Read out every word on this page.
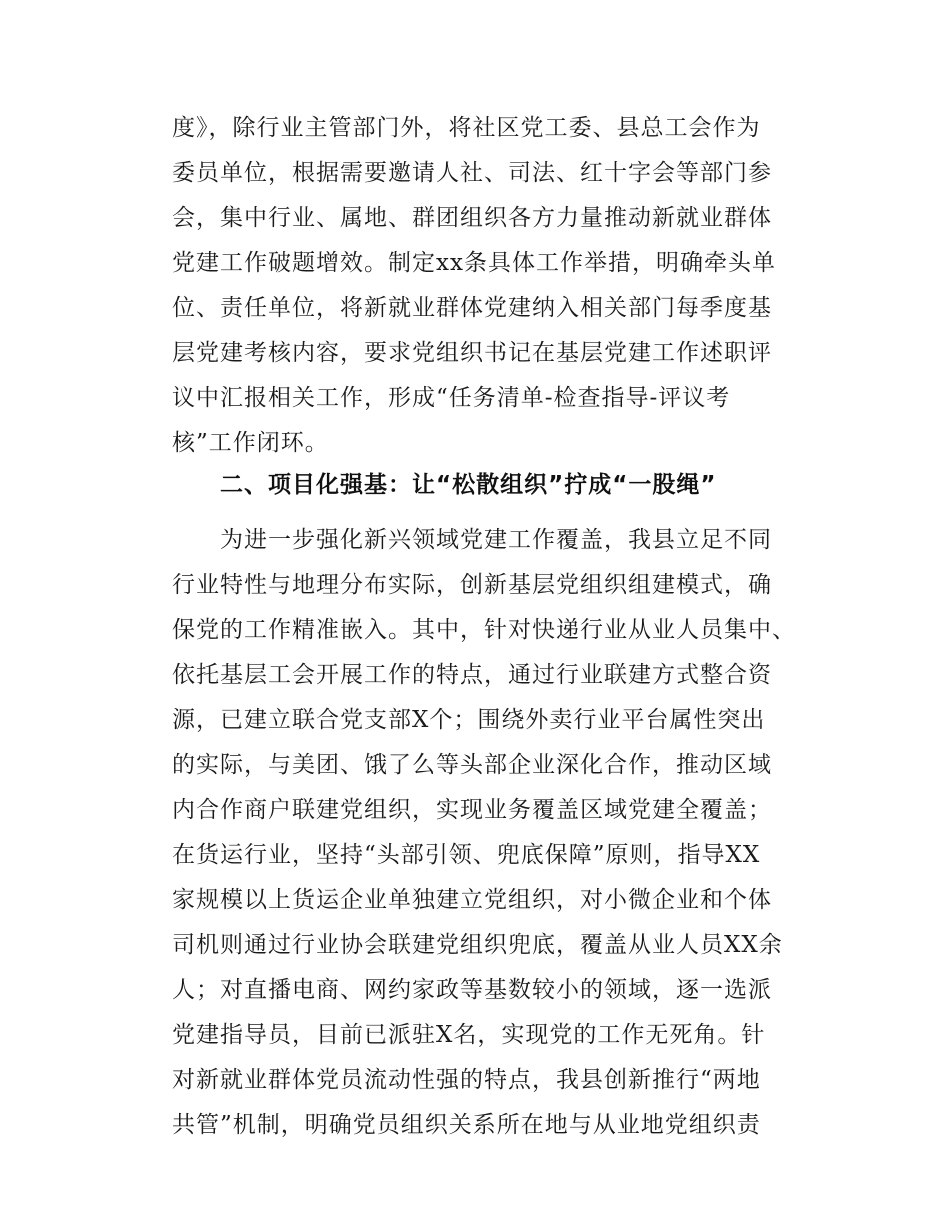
度》，除行业主管部门外，将社区党工委、县总工会作为
委员单位，根据需要邀请人社、司法、红十字会等部门参
会，集中行业、属地、群团组织各方力量推动新就业群体
党建工作破题增效。制定xx条具体工作举措，明确牵头单
位、责任单位，将新就业群体党建纳入相关部门每季度基
层党建考核内容，要求党组织书记在基层党建工作述职评
议中汇报相关工作，形成“任务清单-检查指导-评议考
核”工作闭环。
二、项目化强基：让“松散组织”拧成“一股绳”
　　为进一步强化新兴领域党建工作覆盖，我县立足不同
行业特性与地理分布实际，创新基层党组织组建模式，确
保党的工作精准嵌入。其中，针对快递行业从业人员集中、
依托基层工会开展工作的特点，通过行业联建方式整合资
源，已建立联合党支部X个；围绕外卖行业平台属性突出
的实际，与美团、饿了么等头部企业深化合作，推动区域
内合作商户联建党组织，实现业务覆盖区域党建全覆盖；
在货运行业，坚持“头部引领、兜底保障”原则，指导XX
家规模以上货运企业单独建立党组织，对小微企业和个体
司机则通过行业协会联建党组织兜底，覆盖从业人员XX余
人；对直播电商、网约家政等基数较小的领域，逐一选派
党建指导员，目前已派驻X名，实现党的工作无死角。针
对新就业群体党员流动性强的特点，我县创新推行“两地
共管”机制，明确党员组织关系所在地与从业地党组织责
